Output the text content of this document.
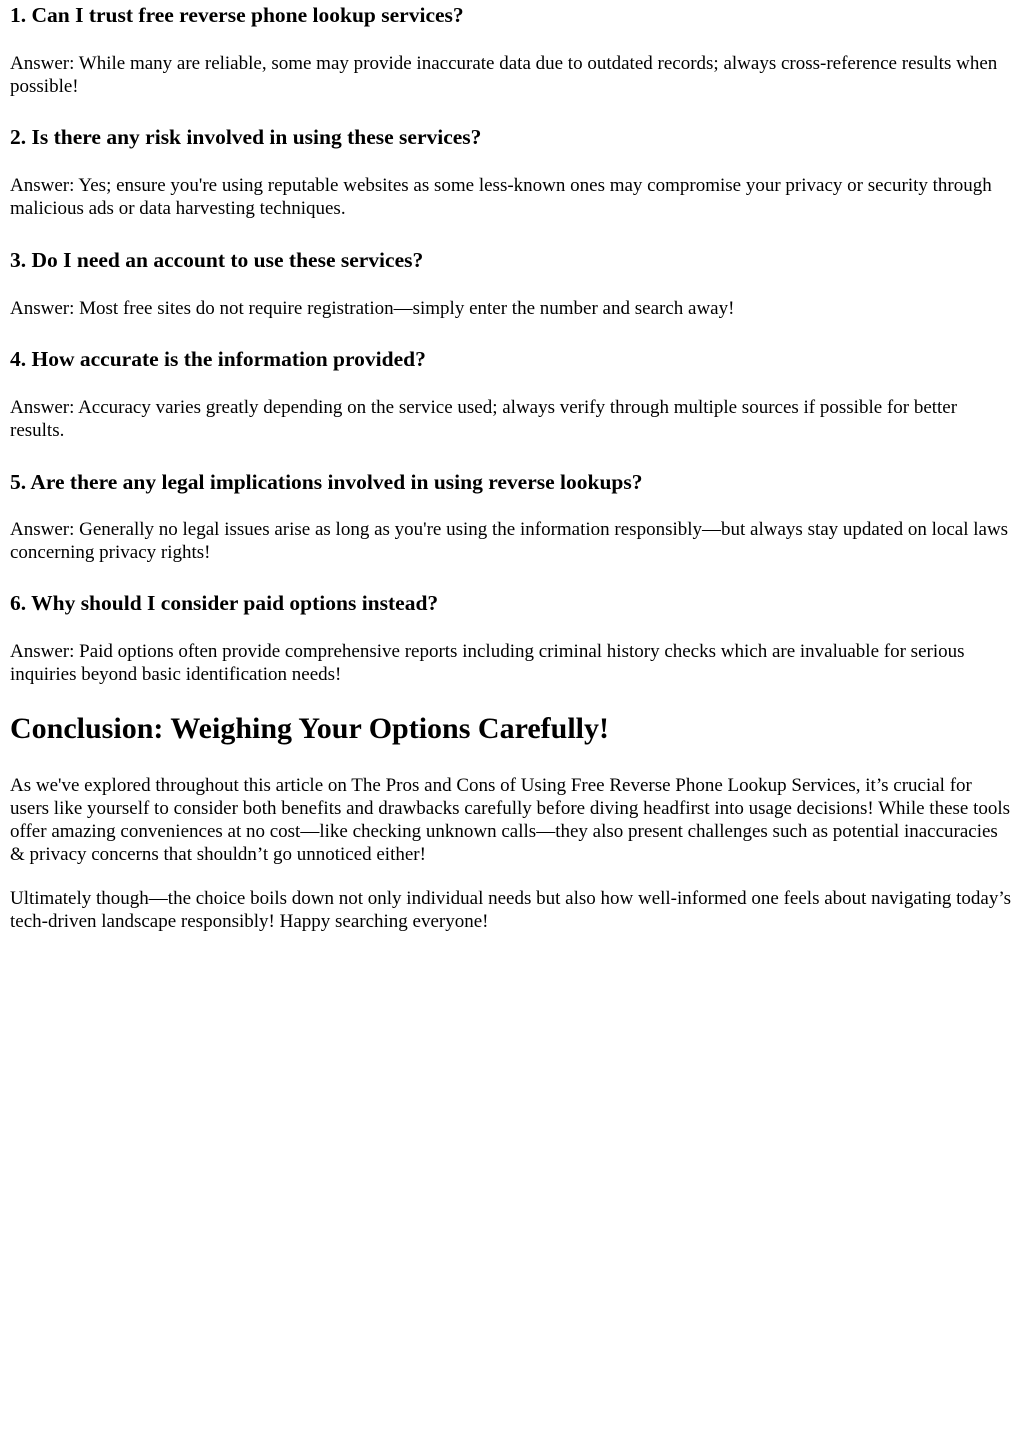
1. Can I trust free reverse phone lookup services?

Answer: While many are reliable, some may provide inaccurate data due to outdated records; always cross-reference results when possible!

2. Is there any risk involved in using these services?

Answer: Yes; ensure you're using reputable websites as some less-known ones may compromise your privacy or security through malicious ads or data harvesting techniques.

3. Do I need an account to use these services?

Answer: Most free sites do not require registration—simply enter the number and search away!

4. How accurate is the information provided?

Answer: Accuracy varies greatly depending on the service used; always verify through multiple sources if possible for better results.

5. Are there any legal implications involved in using reverse lookups?

Answer: Generally no legal issues arise as long as you're using the information responsibly—but always stay updated on local laws concerning privacy rights!

6. Why should I consider paid options instead?

Answer: Paid options often provide comprehensive reports including criminal history checks which are invaluable for serious inquiries beyond basic identification needs!

Conclusion: Weighing Your Options Carefully!

As we've explored throughout this article on The Pros and Cons of Using Free Reverse Phone Lookup Services, it’s crucial for users like yourself to consider both benefits and drawbacks carefully before diving headfirst into usage decisions! While these tools offer amazing conveniences at no cost—like checking unknown calls—they also present challenges such as potential inaccuracies & privacy concerns that shouldn’t go unnoticed either!

Ultimately though—the choice boils down not only individual needs but also how well-informed one feels about navigating today’s tech-driven landscape responsibly! Happy searching everyone!
